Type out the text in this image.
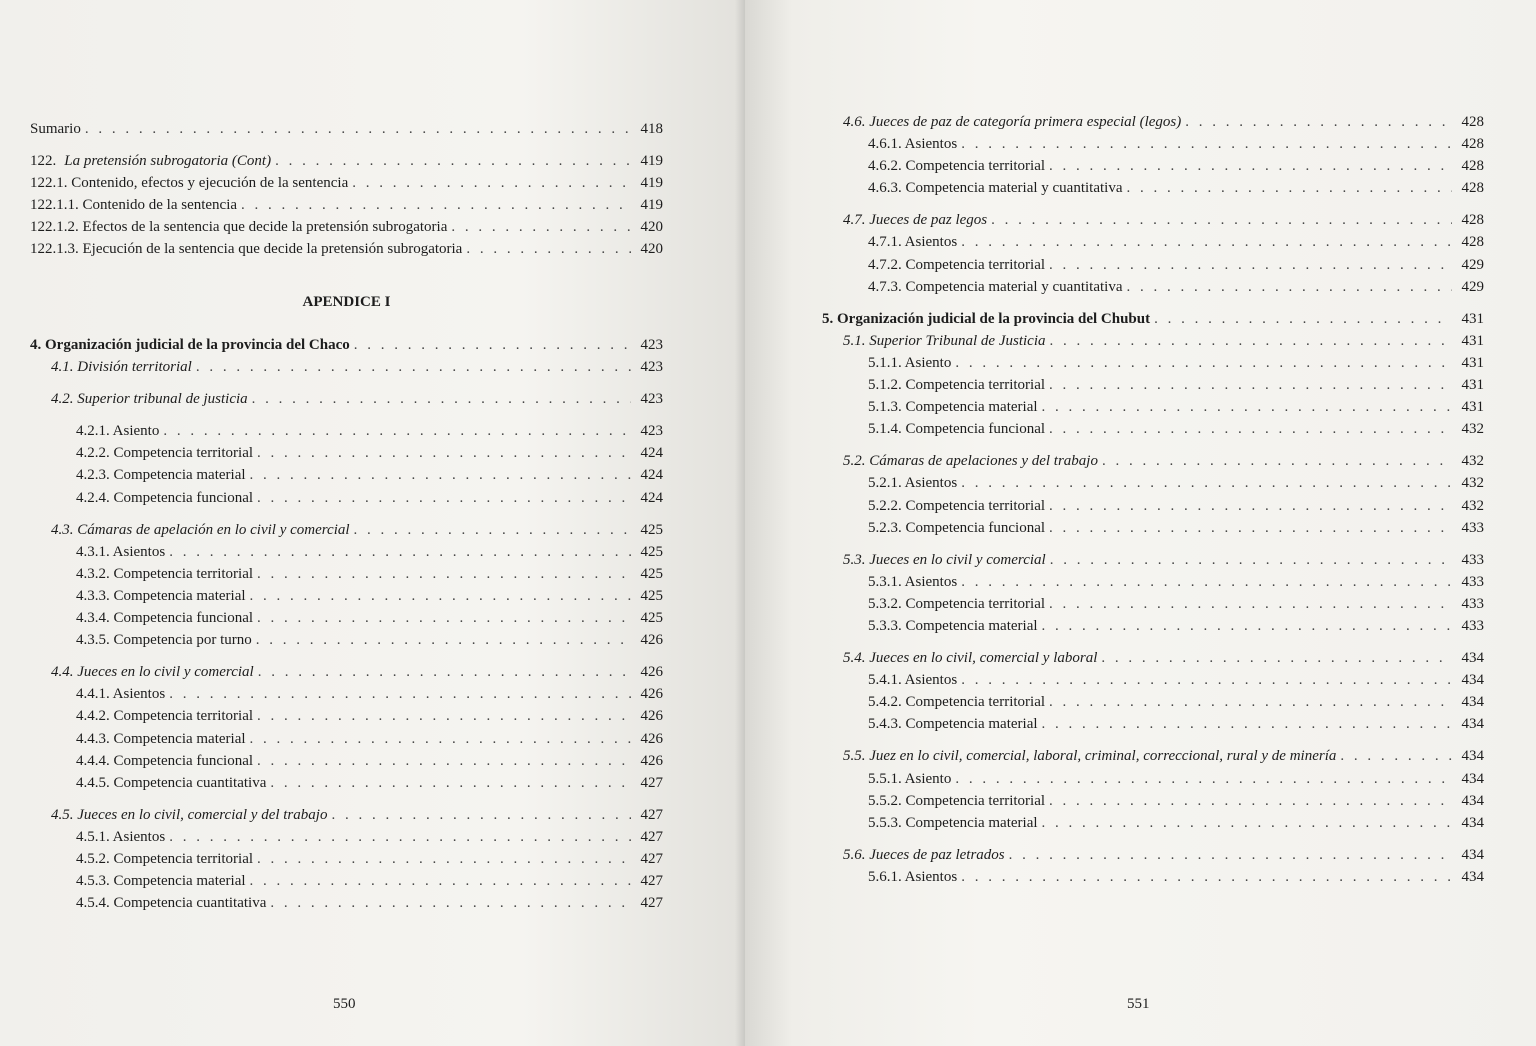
Sumario . . .	418
122. La pretensión subrogatoria (Cont) . . .	419
122.1. Contenido, efectos y ejecución de la sentencia . . .	419
122.1.1. Contenido de la sentencia . . .	419
122.1.2. Efectos de la sentencia que decide la pretensión subrogatoria . . .	420
122.1.3. Ejecución de la sentencia que decide la pretensión subrogatoria . . .	420
APENDICE I
4. Organización judicial de la provincia del Chaco . . .	423
4.1. División territorial . . .	423
4.2. Superior tribunal de justicia . . .	423
4.2.1. Asiento . . .	423
4.2.2. Competencia territorial . . .	424
4.2.3. Competencia material . . .	424
4.2.4. Competencia funcional . . .	424
4.3. Cámaras de apelación en lo civil y comercial . . .	425
4.3.1. Asientos . . .	425
4.3.2. Competencia territorial . . .	425
4.3.3. Competencia material . . .	425
4.3.4. Competencia funcional . . .	425
4.3.5. Competencia por turno . . .	426
4.4. Jueces en lo civil y comercial . . .	426
4.4.1. Asientos . . .	426
4.4.2. Competencia territorial . . .	426
4.4.3. Competencia material . . .	426
4.4.4. Competencia funcional . . .	426
4.4.5. Competencia cuantitativa . . .	427
4.5. Jueces en lo civil, comercial y del trabajo . . .	427
4.5.1. Asientos . . .	427
4.5.2. Competencia territorial . . .	427
4.5.3. Competencia material . . .	427
4.5.4. Competencia cuantitativa . . .	427
550
4.6. Jueces de paz de categoría primera especial (legos) . . .	428
4.6.1. Asientos . . .	428
4.6.2. Competencia territorial . . .	428
4.6.3. Competencia material y cuantitativa . . .	428
4.7. Jueces de paz legos . . .	428
4.7.1. Asientos . . .	428
4.7.2. Competencia territorial . . .	429
4.7.3. Competencia material y cuantitativa . . .	429
5. Organización judicial de la provincia del Chubut . . .	431
5.1. Superior Tribunal de Justicia . . .	431
5.1.1. Asiento . . .	431
5.1.2. Competencia territorial . . .	431
5.1.3. Competencia material . . .	431
5.1.4. Competencia funcional . . .	432
5.2. Cámaras de apelaciones y del trabajo . . .	432
5.2.1. Asientos . . .	432
5.2.2. Competencia territorial . . .	432
5.2.3. Competencia funcional . . .	433
5.3. Jueces en lo civil y comercial . . .	433
5.3.1. Asientos . . .	433
5.3.2. Competencia territorial . . .	433
5.3.3. Competencia material . . .	433
5.4. Jueces en lo civil, comercial y laboral . . .	434
5.4.1. Asientos . . .	434
5.4.2. Competencia territorial . . .	434
5.4.3. Competencia material . . .	434
5.5. Juez en lo civil, comercial, laboral, criminal, correccional, rural y de minería . . .	434
5.5.1. Asiento . . .	434
5.5.2. Competencia territorial . . .	434
5.5.3. Competencia material . . .	434
5.6. Jueces de paz letrados . . .	434
5.6.1. Asientos . . .	434
551
